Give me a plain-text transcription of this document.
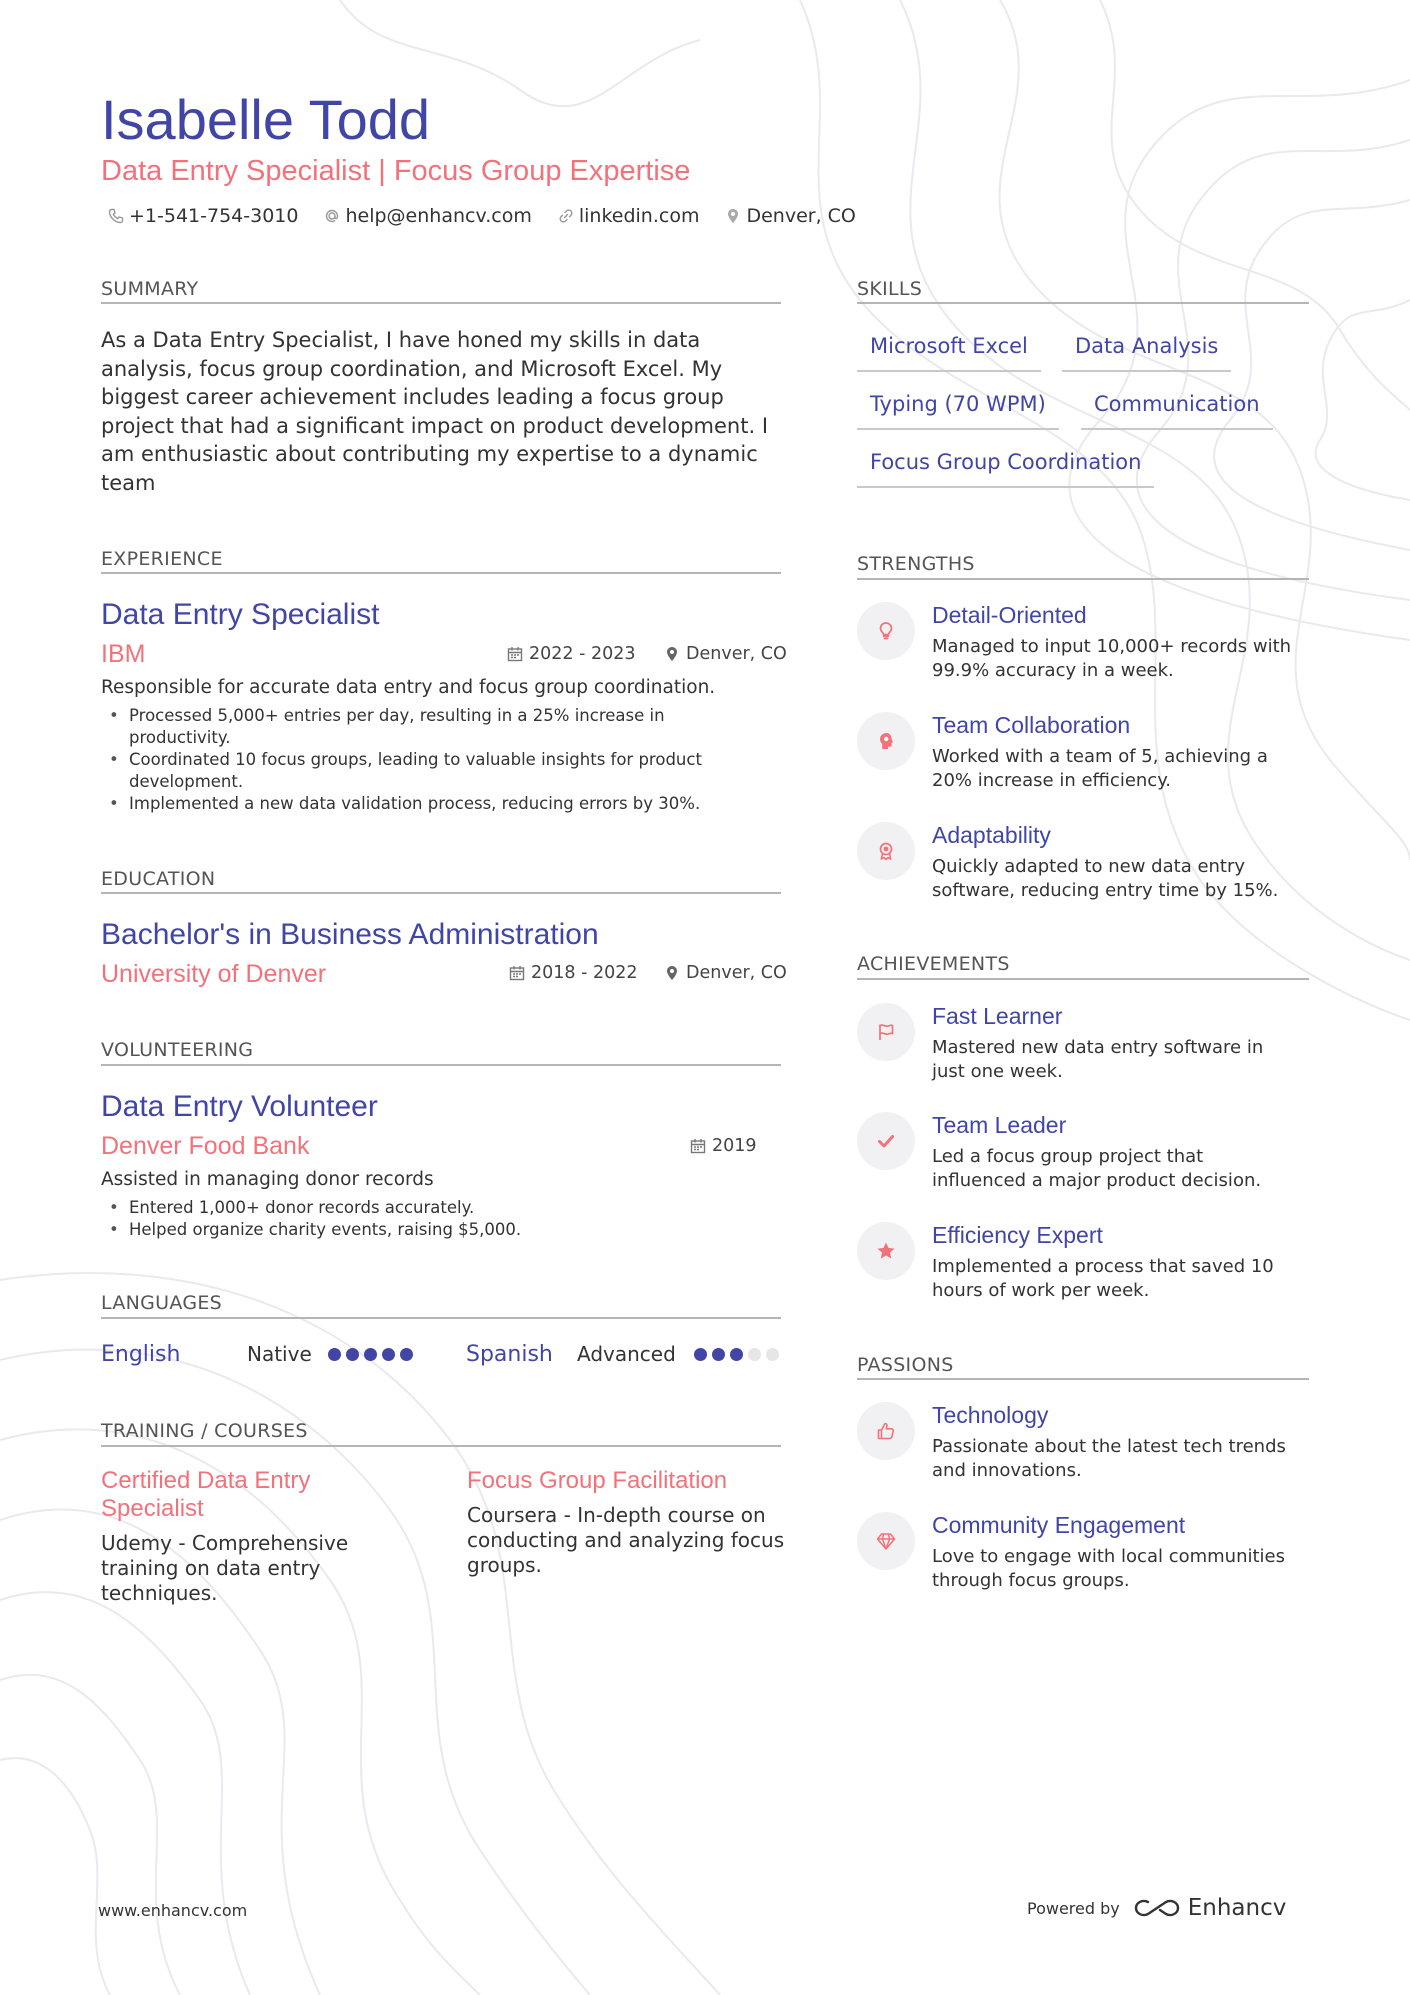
Isabelle Todd
Data Entry Specialist | Focus Group Expertise
+1-541-754-3010 help@enhancv.com linkedin.com Denver, CO
SUMMARY
As a Data Entry Specialist, I have honed my skills in data
analysis, focus group coordination, and Microsoft Excel. My
biggest career achievement includes leading a focus group
project that had a significant impact on product development. I
am enthusiastic about contributing my expertise to a dynamic
team
EXPERIENCE
Data Entry Specialist
IBM	2022 - 2023	Denver, CO
Responsible for accurate data entry and focus group coordination.
• Processed 5,000+ entries per day, resulting in a 25% increase in
productivity.
• Coordinated 10 focus groups, leading to valuable insights for product
development.
• Implemented a new data validation process, reducing errors by 30%.
EDUCATION
Bachelor's in Business Administration
University of Denver	2018 - 2022	Denver, CO
VOLUNTEERING
Data Entry Volunteer
Denver Food Bank	2019
Assisted in managing donor records
• Entered 1,000+ donor records accurately.
• Helped organize charity events, raising $5,000.
LANGUAGES
English	Native	Spanish Advanced
TRAINING / COURSES
Certified Data Entry
Specialist
Udemy - Comprehensive
training on data entry
techniques.
Focus Group Facilitation
Coursera - In-depth course on
conducting and analyzing focus
groups.
SKILLS
Microsoft Excel	Data Analysis
Typing (70 WPM)	Communication
Focus Group Coordination
STRENGTHS
Detail-Oriented
Managed to input 10,000+ records with
99.9% accuracy in a week.
Team Collaboration
Worked with a team of 5, achieving a
20% increase in efficiency.
Adaptability
Quickly adapted to new data entry
software, reducing entry time by 15%.
ACHIEVEMENTS
Fast Learner
Mastered new data entry software in
just one week.
Team Leader
Led a focus group project that
influenced a major product decision.
Efficiency Expert
Implemented a process that saved 10
hours of work per week.
PASSIONS
Technology
Passionate about the latest tech trends
and innovations.
Community Engagement
Love to engage with local communities
through focus groups.
www.enhancv.com	Powered by	Enhancv
